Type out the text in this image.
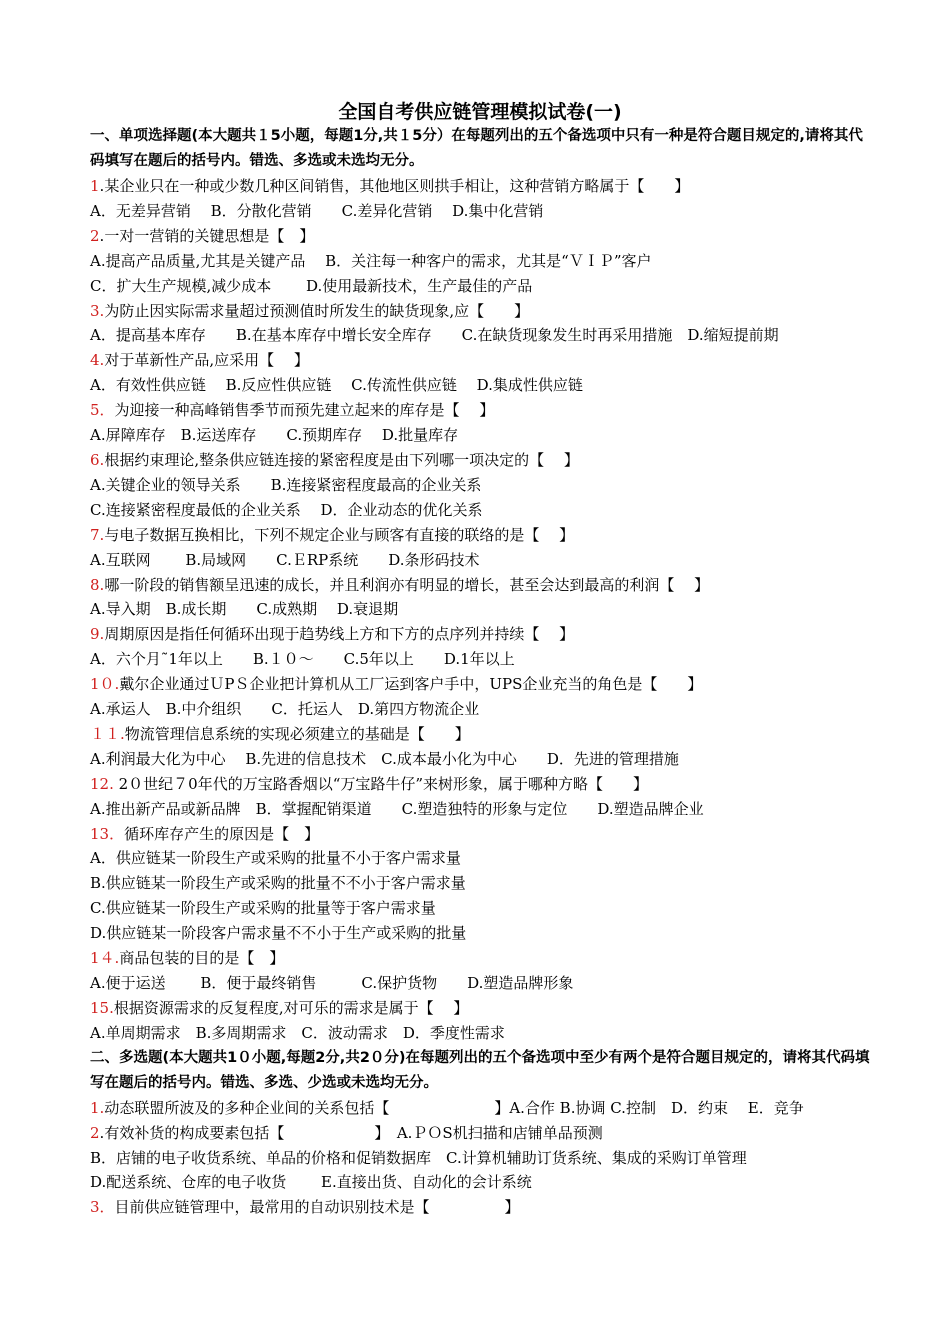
全国自考供应链管理模拟试卷(一)
一、单项选择题(本大题共１5小题，每题1分,共１5分）在每题列出的五个备选项中只有一种是符合题目规定的,请将其代码填写在题后的括号内。错选、多选或未选均无分。
1.某企业只在一种或少数几种区间销售，其他地区则拱手相让，这种营销方略属于【　　】
A．无差异营销　 B．分散化营销　　C.差异化营销　 D.集中化营销
2.一对一营销的关键思想是【　】
A.提高产品质量,尤其是关键产品　 B．关注每一种客户的需求，尤其是“ＶＩＰ”客户
C．扩大生产规模,减少成本　　 D.使用最新技术，生产最佳的产品
3.为防止因实际需求量超过预测值时所发生的缺货现象,应【　　】
A．提高基本库存　　B.在基本库存中增长安全库存　　C.在缺货现象发生时再采用措施　D.缩短提前期
4.对于革新性产品,应采用【　 】
A．有效性供应链　 B.反应性供应链　 C.传流性供应链　 D.集成性供应链
5．为迎接一种高峰销售季节而预先建立起来的库存是【　 】
A.屏障库存　B.运送库存　　C.预期库存　 D.批量库存
6.根据约束理论,整条供应链连接的紧密程度是由下列哪一项决定的【　 】
A.关键企业的领导关系　　B.连接紧密程度最高的企业关系
C.连接紧密程度最低的企业关系　 D．企业动态的优化关系
7.与电子数据互换相比，下列不规定企业与顾客有直接的联络的是【　 】
A.互联网　　 B.局域网　　C.ＥRP系统　　D.条形码技术
8.哪一阶段的销售额呈迅速的成长，并且利润亦有明显的增长，甚至会达到最高的利润【　 】
A.导入期　B.成长期　　C.成熟期　 D.衰退期
9.周期原因是指任何循环出现于趋势线上方和下方的点序列并持续【　 】
A．六个月˜1年以上　　B.１０～　　C.5年以上　　D.1年以上
1０.戴尔企业通过ＵPＳ企业把计算机从工厂运到客户手中，UPS企业充当的角色是【　　】
A.承运人　B.中介组织　　C．托运人　D.第四方物流企业
１１.物流管理信息系统的实现必须建立的基础是【　　】
A.利润最大化为中心　 B.先进的信息技术　C.成本最小化为中心　　D．先进的管理措施
12. 2０世纪７0年代的万宝路香烟以“万宝路牛仔”来树形象，属于哪种方略【　　】
A.推出新产品或新品牌　B．掌握配销渠道　　C.塑造独特的形象与定位　　D.塑造品牌企业
13．循环库存产生的原因是【　】
A．供应链某一阶段生产或采购的批量不小于客户需求量
B.供应链某一阶段生产或采购的批量不不小于客户需求量
C.供应链某一阶段生产或采购的批量等于客户需求量
D.供应链某一阶段客户需求量不不小于生产或采购的批量
1４.商品包装的目的是【　】
A.便于运送　　 B．便于最终销售　　　C.保护货物　　D.塑造品牌形象
15.根据资源需求的反复程度,对可乐的需求是属于【　 】
A.单周期需求　B.多周期需求　C．波动需求　D．季度性需求
二、多选题(本大题共1０小题,每题2分,共2０分)在每题列出的五个备选项中至少有两个是符合题目规定的，请将其代码填写在题后的括号内。错选、多选、少选或未选均无分。
1.动态联盟所波及的多种企业间的关系包括【　　　　　　　】A.合作 B.协调 C.控制　D．约束　 E．竞争
2.有效补货的构成要素包括【　　　　　　】　A.ＰＯS机扫描和店铺单品预测
B．店铺的电子收货系统、单品的价格和促销数据库　C.计算机辅助订货系统、集成的采购订单管理
D.配送系统、仓库的电子收货　　 E.直接出货、自动化的会计系统
3．目前供应链管理中，最常用的自动识别技术是【　　　　　】
